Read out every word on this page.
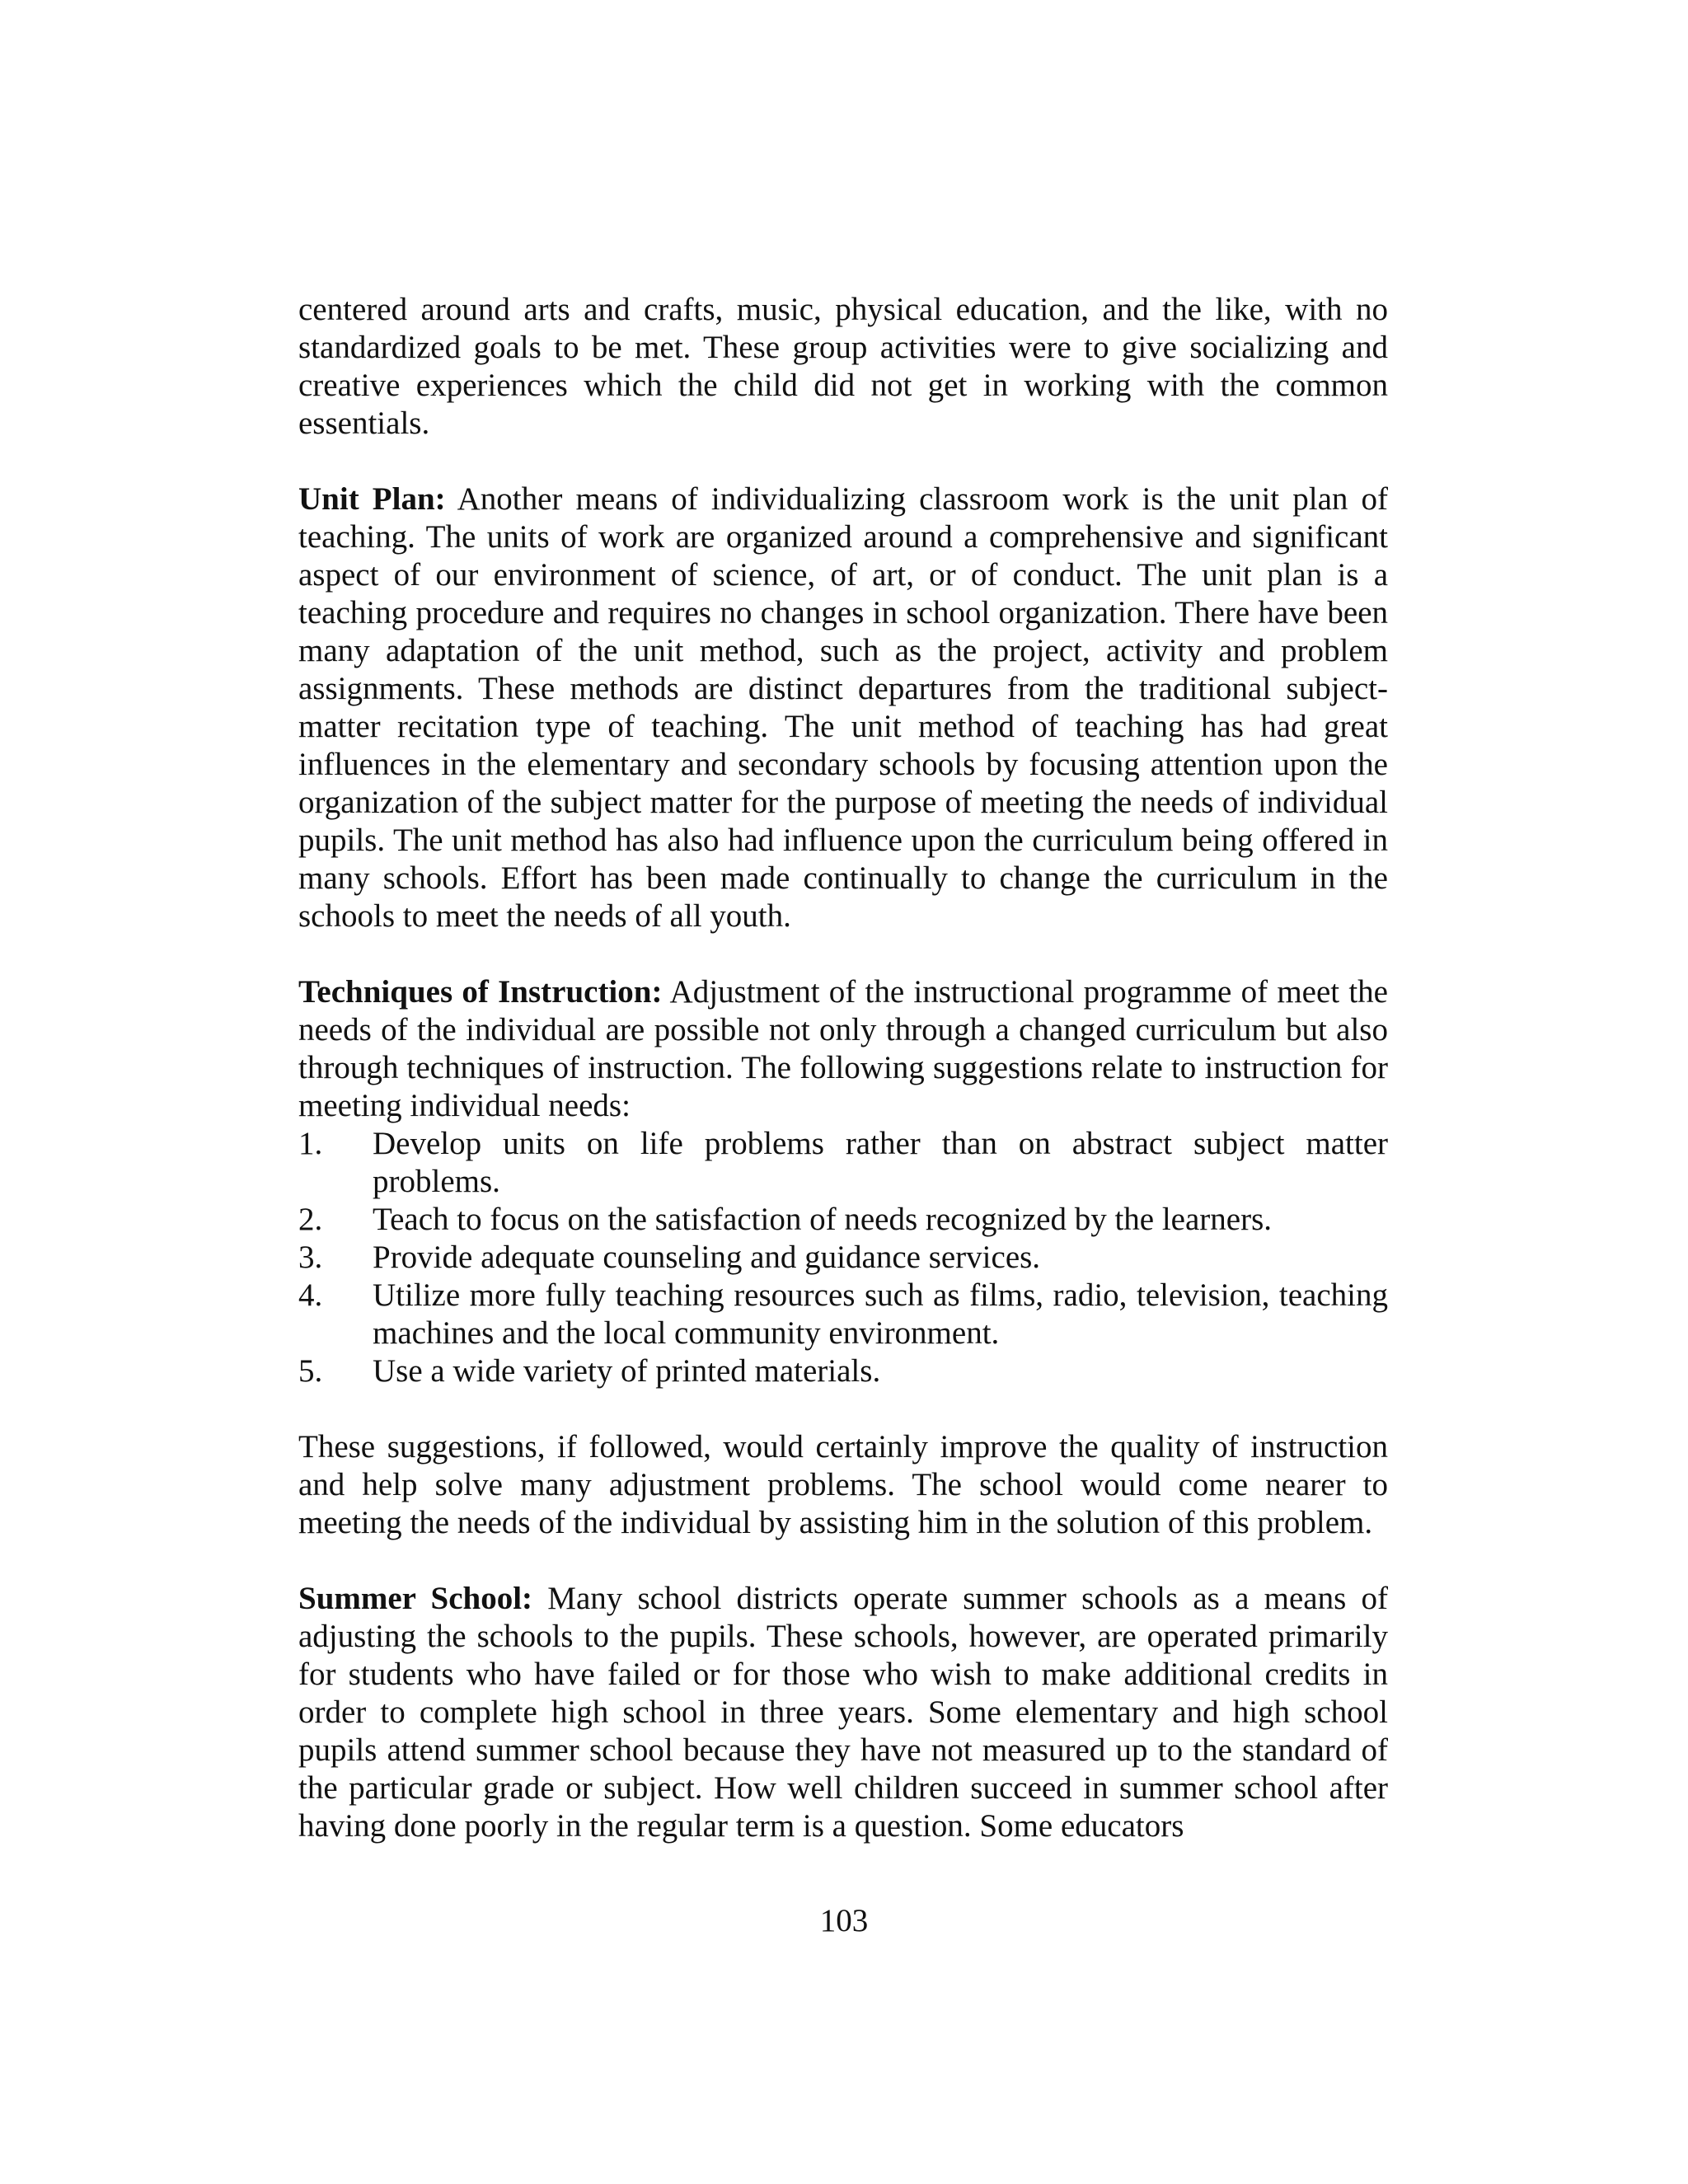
centered around arts and crafts, music, physical education, and the like, with no standardized goals to be met. These group activities were to give socializing and creative experiences which the child did not get in working with the common essentials.

Unit Plan: Another means of individualizing classroom work is the unit plan of teaching. The units of work are organized around a comprehensive and significant aspect of our environment of science, of art, or of conduct. The unit plan is a teaching procedure and requires no changes in school organization. There have been many adaptation of the unit method, such as the project, activity and problem assignments. These methods are distinct departures from the traditional subject-matter recitation type of teaching. The unit method of teaching has had great influences in the elementary and secondary schools by focusing attention upon the organization of the subject matter for the purpose of meeting the needs of individual pupils. The unit method has also had influence upon the curriculum being offered in many schools. Effort has been made continually to change the curriculum in the schools to meet the needs of all youth.

Techniques of Instruction: Adjustment of the instructional programme of meet the needs of the individual are possible not only through a changed curriculum but also through techniques of instruction. The following suggestions relate to instruction for meeting individual needs:

1.	Develop units on life problems rather than on abstract subject matter problems.
2.	Teach to focus on the satisfaction of needs recognized by the learners.
3.	Provide adequate counseling and guidance services.
4.	Utilize more fully teaching resources such as films, radio, television, teaching machines and the local community environment.
5.	Use a wide variety of printed materials.

These suggestions, if followed, would certainly improve the quality of instruction and help solve many adjustment problems. The school would come nearer to meeting the needs of the individual by assisting him in the solution of this problem.

Summer School: Many school districts operate summer schools as a means of adjusting the schools to the pupils. These schools, however, are operated primarily for students who have failed or for those who wish to make additional credits in order to complete high school in three years. Some elementary and high school pupils attend summer school because they have not measured up to the standard of the particular grade or subject. How well children succeed in summer school after having done poorly in the regular term is a question. Some educators

103
